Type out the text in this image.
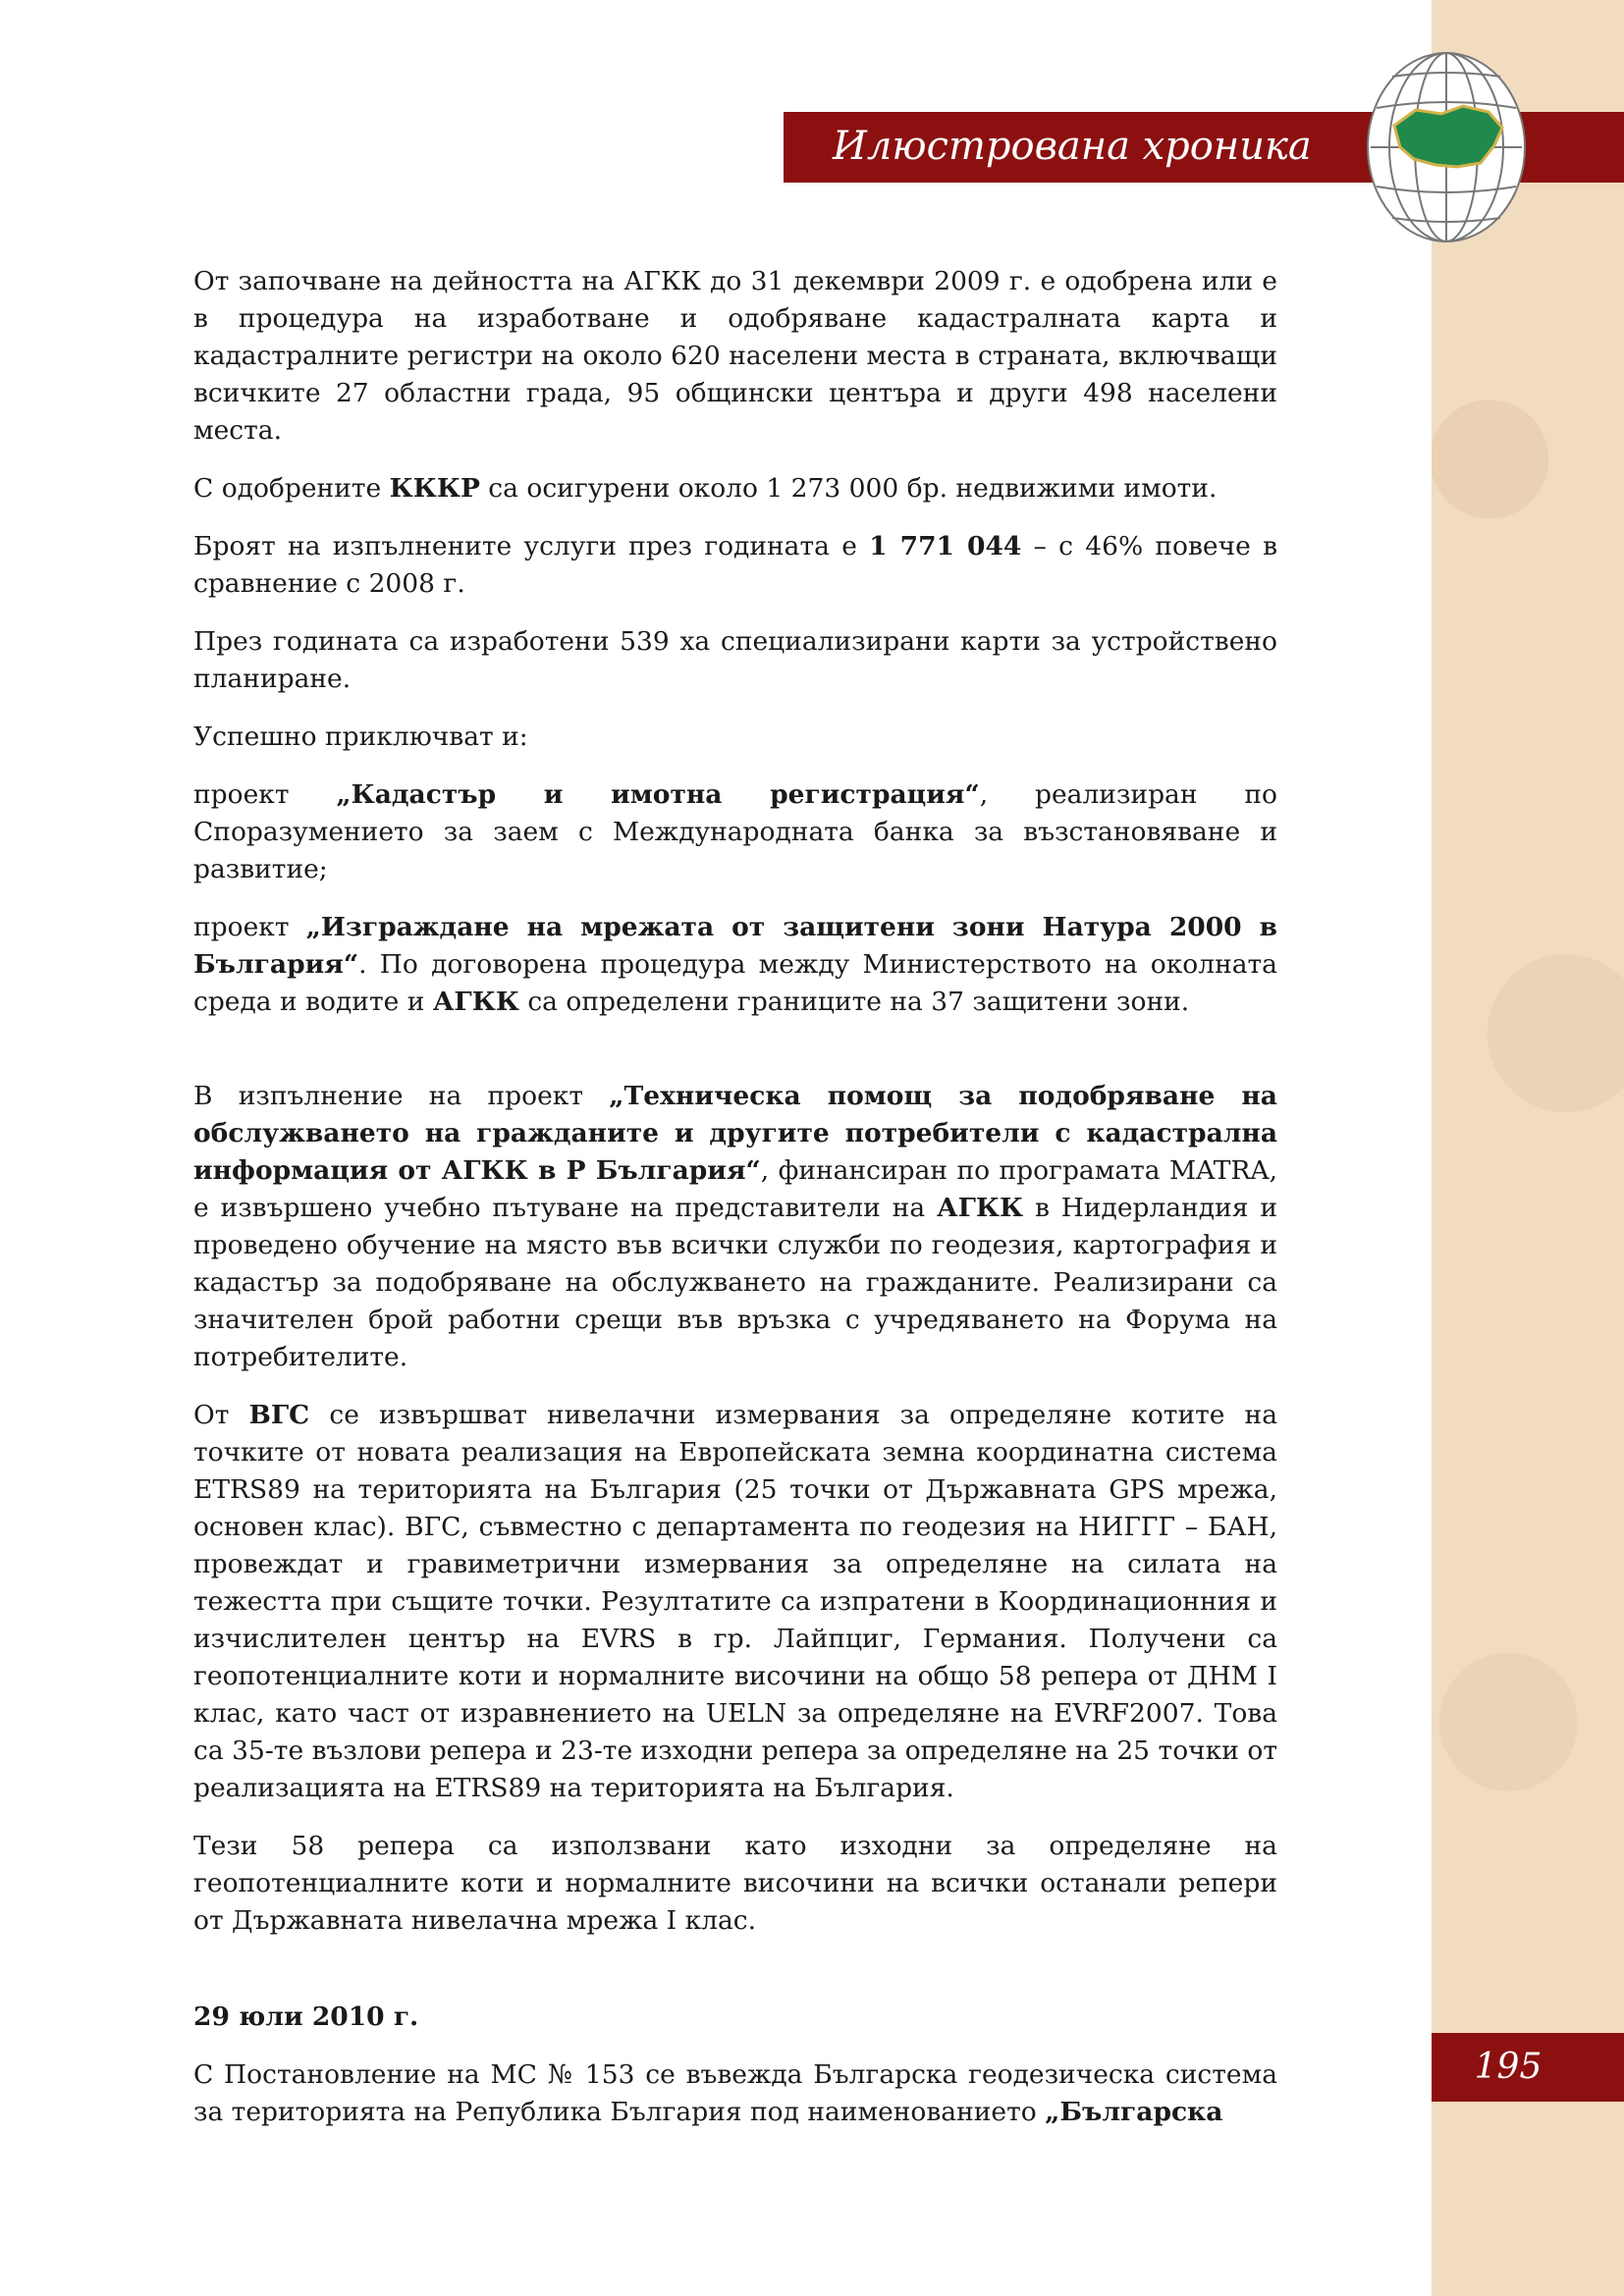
Илюстрована хроника

От започване на дейността на АГКК до 31 декември 2009 г. е одобрена или е в процедура на изработване и одобряване кадастралната карта и кадастралните регистри на около 620 населени места в страната, включващи всичките 27 областни града, 95 общински центъра и други 498 населени места.

С одобрените КККР са осигурени около 1 273 000 бр. недвижими имоти.

Броят на изпълнените услуги през годината е 1 771 044 – с 46% повече в сравнение с 2008 г.

През годината са изработени 539 ха специализирани карти за устройствено планиране.

Успешно приключват и:

проект „Кадастър и имотна регистрация“, реализиран по Споразумението за заем с Международната банка за възстановяване и развитие;

проект „Изграждане на мрежата от защитени зони Натура 2000 в България“. По договорена процедура между Министерството на околната среда и водите и АГКК са определени границите на 37 защитени зони.

В изпълнение на проект „Техническа помощ за подобряване на обслужването на гражданите и другите потребители с кадастрална информация от АГКК в Р България“, финансиран по програмата MATRA, е извършено учебно пътуване на представители на АГКК в Нидерландия и проведено обучение на място във всички служби по геодезия, картография и кадастър за подобряване на обслужването на гражданите. Реализирани са значителен брой работни срещи във връзка с учредяването на Форума на потребителите.

От ВГС се извършват нивелачни измервания за определяне котите на точките от новата реализация на Европейската земна координатна система ETRS89 на територията на България (25 точки от Държавната GPS мрежа, основен клас). ВГС, съвместно с департамента по геодезия на НИГГГ – БАН, провеждат и гравиметрични измервания за определяне на силата на тежестта при същите точки. Резултатите са изпратени в Координационния и изчислителен център на EVRS в гр. Лайпциг, Германия. Получени са геопотенциалните коти и нормалните височини на общо 58 репера от ДНМ I клас, като част от изравнението на UELN за определяне на EVRF2007. Това са 35-те възлови репера и 23-те изходни репера за определяне на 25 точки от реализацията на ETRS89 на територията на България.

Тези 58 репера са използвани като изходни за определяне на геопотенциалните коти и нормалните височини на всички останали репери от Държавната нивелачна мрежа I клас.

29 юли 2010 г.

С Постановление на МС № 153 се въвежда Българска геодезическа система за територията на Република България под наименованието „Българска

195
